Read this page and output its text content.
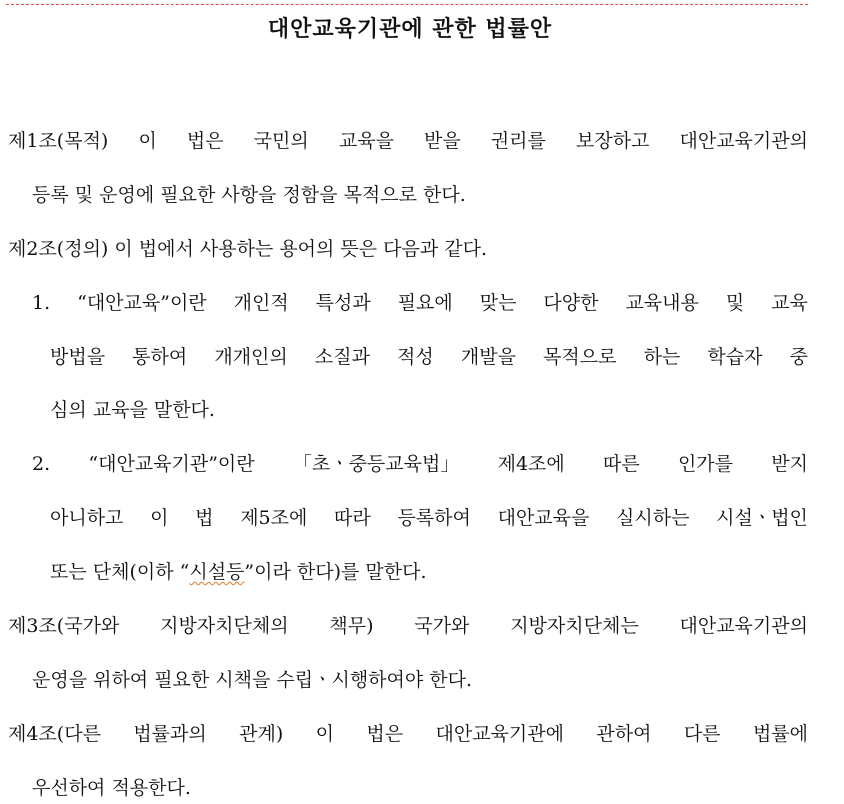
대안교육기관에 관한 법률안
제1조(목적) 이 법은 국민의 교육을 받을 권리를 보장하고 대안교육기관의
등록 및 운영에 필요한 사항을 정함을 목적으로 한다.
제2조(정의) 이 법에서 사용하는 용어의 뜻은 다음과 같다.
1. “대안교육”이란 개인적 특성과 필요에 맞는 다양한 교육내용 및 교육
방법을 통하여 개개인의 소질과 적성 개발을 목적으로 하는 학습자 중
심의 교육을 말한다.
2. “대안교육기관”이란 「초ㆍ중등교육법」 제4조에 따른 인가를 받지
아니하고 이 법 제5조에 따라 등록하여 대안교육을 실시하는 시설ㆍ법인
또는 단체(이하 “시설등”이라 한다)를 말한다.
제3조(국가와 지방자치단체의 책무) 국가와 지방자치단체는 대안교육기관의
운영을 위하여 필요한 시책을 수립ㆍ시행하여야 한다.
제4조(다른 법률과의 관계) 이 법은 대안교육기관에 관하여 다른 법률에
우선하여 적용한다.
